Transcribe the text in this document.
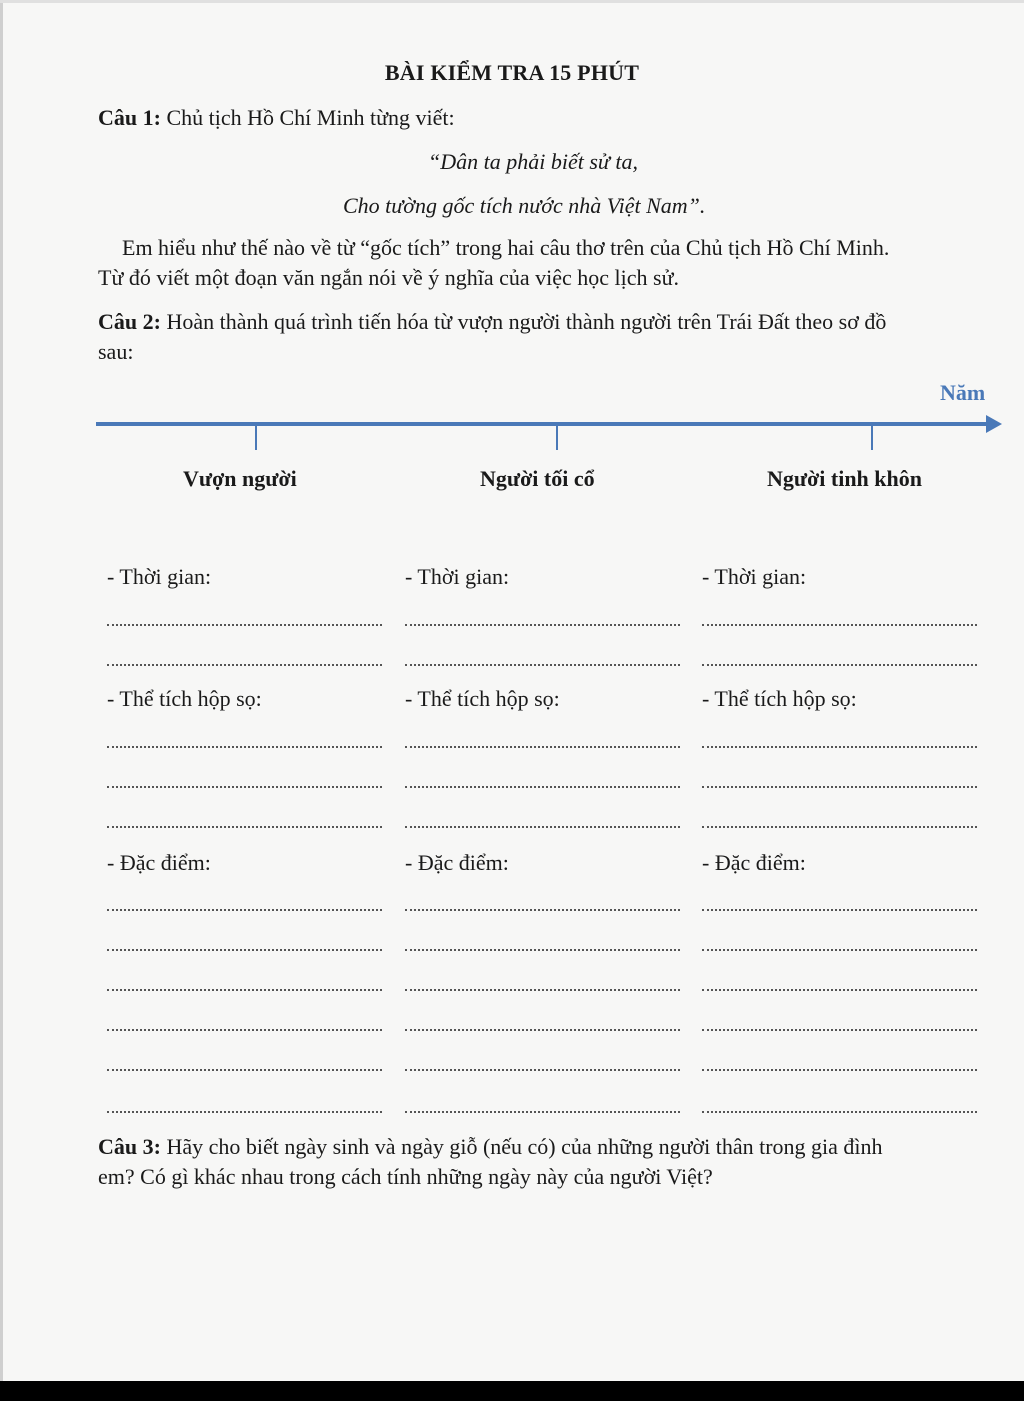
BÀI KIỂM TRA 15 PHÚT
Câu 1: Chủ tịch Hồ Chí Minh từng viết:
“Dân ta phải biết sử ta,
Cho tường gốc tích nước nhà Việt Nam”.
Em hiểu như thế nào về từ “gốc tích” trong hai câu thơ trên của Chủ tịch Hồ Chí Minh.
Từ đó viết một đoạn văn ngắn nói về ý nghĩa của việc học lịch sử.
Câu 2: Hoàn thành quá trình tiến hóa từ vượn người thành người trên Trái Đất theo sơ đồ
sau:
Năm
Vượn người	Người tối cổ	Người tinh khôn
- Thời gian:
- Thể tích hộp sọ:
- Đặc điểm:
- Thời gian:
- Thể tích hộp sọ:
- Đặc điểm:
- Thời gian:
- Thể tích hộp sọ:
- Đặc điểm:
Câu 3: Hãy cho biết ngày sinh và ngày giỗ (nếu có) của những người thân trong gia đình
em? Có gì khác nhau trong cách tính những ngày này của người Việt?
